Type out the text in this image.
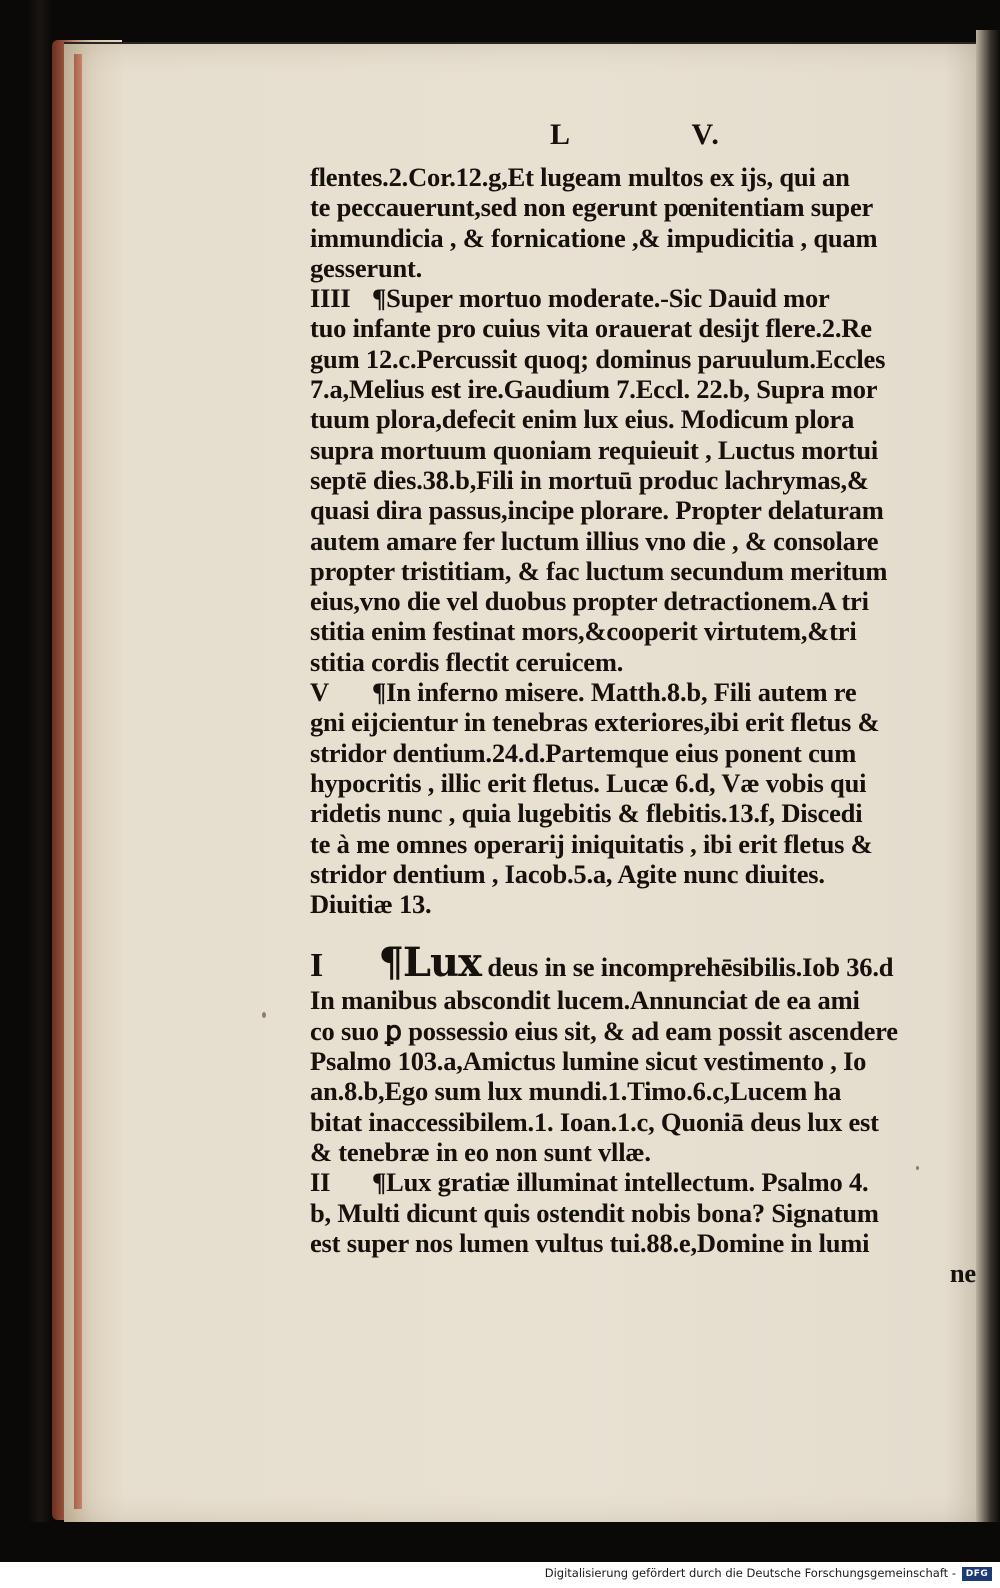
L	V.
flentes.2.Cor.12.g,Et lugeam multos ex ijs, qui an
te peccauerunt,sed non egerunt pœnitentiam super
immundicia , & fornicatione ,& impudicitia , quam
gesserunt.
IIII ¶Super mortuo moderate.‐Sic Dauid mor
tuo infante pro cuius vita orauerat desijt flere.2.Re
gum 12.c.Percussit quoq; dominus paruulum.Eccles
7.a,Melius est ire.Gaudium 7.Eccl. 22.b, Supra mor
tuum plora,defecit enim lux eius. Modicum plora
supra mortuum quoniam requieuit , Luctus mortui
septē dies.38.b,Fili in mortuū produc lachrymas,&
quasi dira passus,incipe plorare. Propter delaturam
autem amare fer luctum illius vno die , & consolare
propter tristitiam, & fac luctum secundum meritum
eius,vno die vel duobus propter detractionem.A tri
stitia enim festinat mors,&cooperit virtutem,&tri
stitia cordis flectit ceruicem.
V ¶In inferno misere. Matth.8.b, Fili autem re
gni eijcientur in tenebras exteriores,ibi erit fletus &
stridor dentium.24.d.Partemque eius ponent cum
hypocritis , illic erit fletus. Lucæ 6.d, Væ vobis qui
ridetis nunc , quia lugebitis & flebitis.13.f, Discedi
te à me omnes operarij iniquitatis , ibi erit fletus &
stridor dentium , Iacob.5.a, Agite nunc diuites.
Diuitiæ 13.
I ¶Lux deus in se incomprehēsibilis.Iob 36.d
In manibus abscondit lucem.Annunciat de ea ami
co suo ꝑ possessio eius sit, & ad eam possit ascendere
Psalmo 103.a,Amictus lumine sicut vestimento , Io
an.8.b,Ego sum lux mundi.1.Timo.6.c,Lucem ha
bitat inaccessibilem.1. Ioan.1.c, Quoniā deus lux est
& tenebræ in eo non sunt vllæ.
II ¶Lux gratiæ illuminat intellectum. Psalmo 4.
b, Multi dicunt quis ostendit nobis bona? Signatum
est super nos lumen vultus tui.88.e,Domine in lumi
ne
Digitalisierung gefördert durch die Deutsche Forschungsgemeinschaft -	DFG
